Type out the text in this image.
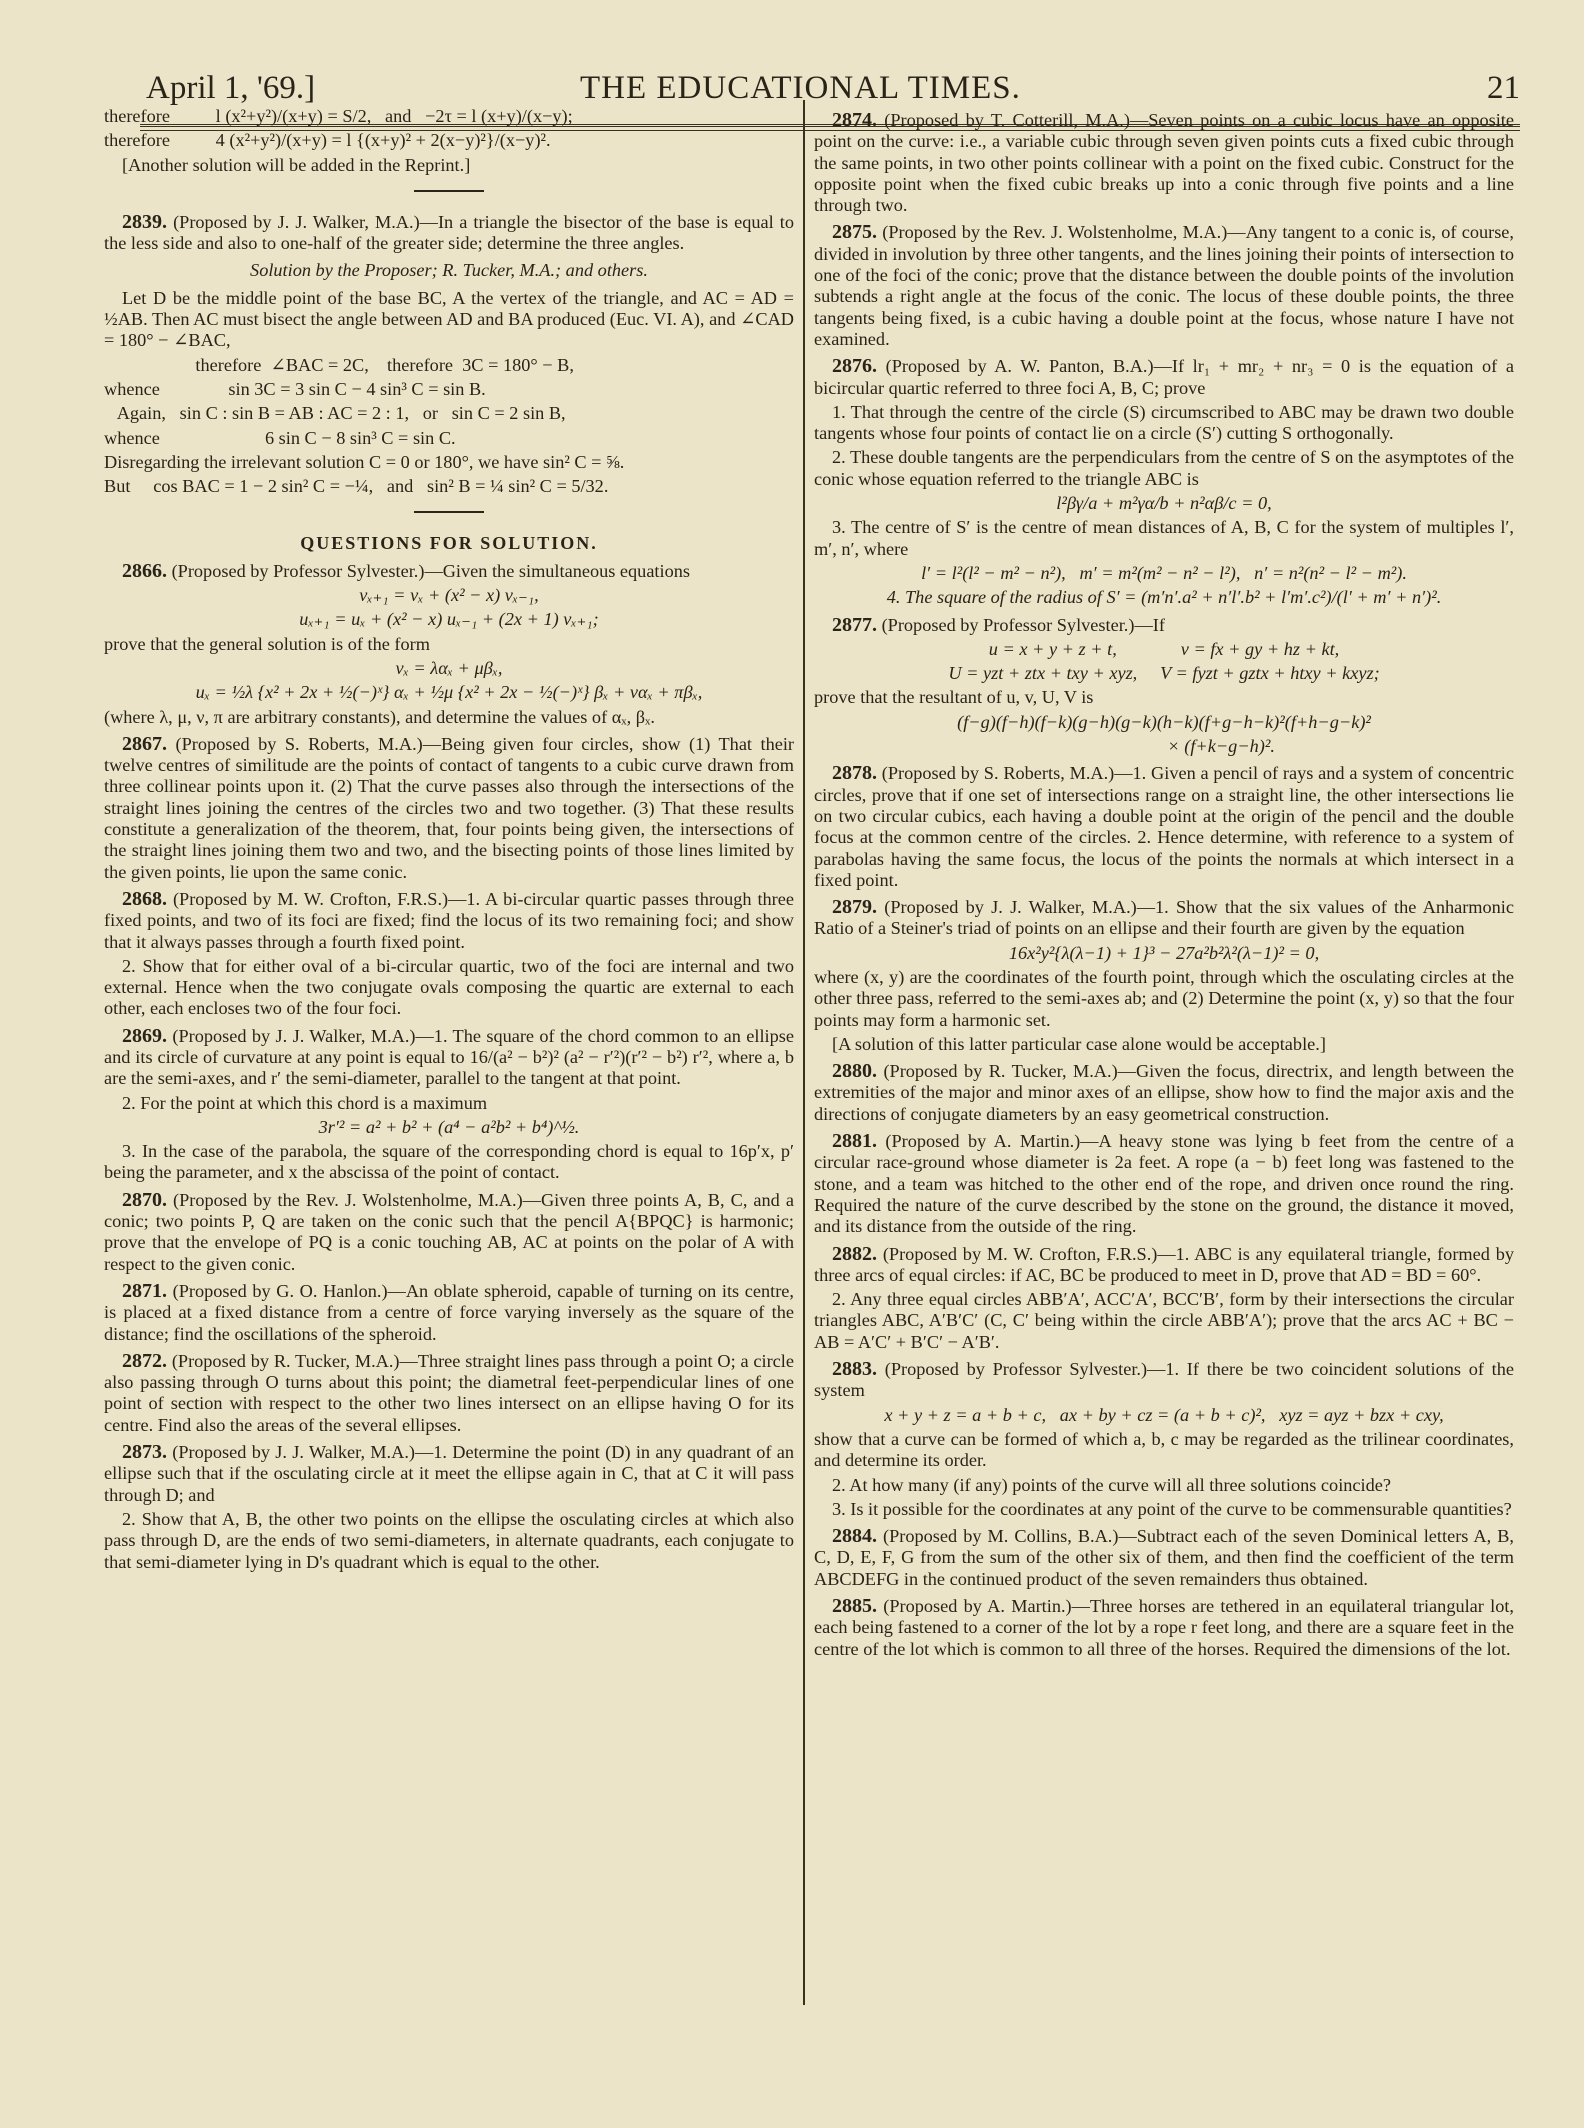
April 1, '69.]	THE EDUCATIONAL TIMES.	21

therefore          l (x²+y²)/(x+y) = S/2,   and   −2τ = l (x+y)/(x−y);

therefore          4 (x²+y²)/(x+y) = l {(x+y)² + 2(x−y)²}/(x−y)².

[Another solution will be added in the Reprint.]

2839. (Proposed by J. J. Walker, M.A.)—In a triangle the bisector of the base is equal to the less side and also to one-half of the greater side; determine the three angles.

Solution by the Proposer; R. Tucker, M.A.; and others.

Let D be the middle point of the base BC, A the vertex of the triangle, and AC = AD = ½AB. Then AC must bisect the angle between AD and BA produced (Euc. VI. A), and ∠CAD = 180° − ∠BAC,

therefore  ∠BAC = 2C,    therefore  3C = 180° − B,

whence               sin 3C = 3 sin C − 4 sin³ C = sin B.

Again,   sin C : sin B = AB : AC = 2 : 1,   or   sin C = 2 sin B,

whence                       6 sin C − 8 sin³ C = sin C.

Disregarding the irrelevant solution C = 0 or 180°, we have sin² C = ⅝.

But     cos BAC = 1 − 2 sin² C = −¼,   and   sin² B = ¼ sin² C = 5/32.

QUESTIONS FOR SOLUTION.

2866. (Proposed by Professor Sylvester.)—Given the simultaneous equations

vₓ₊₁ = vₓ + (x² − x) vₓ₋₁,

uₓ₊₁ = uₓ + (x² − x) uₓ₋₁ + (2x + 1) vₓ₊₁;

prove that the general solution is of the form

vₓ = λαₓ + μβₓ,

uₓ = ½λ {x² + 2x + ½(−)ˣ} αₓ + ½μ {x² + 2x − ½(−)ˣ} βₓ + ναₓ + πβₓ,

(where λ, μ, ν, π are arbitrary constants), and determine the values of αₓ, βₓ.

2867. (Proposed by S. Roberts, M.A.)—Being given four circles, show (1) That their twelve centres of similitude are the points of contact of tangents to a cubic curve drawn from three collinear points upon it. (2) That the curve passes also through the intersections of the straight lines joining the centres of the circles two and two together. (3) That these results constitute a generalization of the theorem, that, four points being given, the intersections of the straight lines joining them two and two, and the bisecting points of those lines limited by the given points, lie upon the same conic.

2868. (Proposed by M. W. Crofton, F.R.S.)—1. A bi-circular quartic passes through three fixed points, and two of its foci are fixed; find the locus of its two remaining foci; and show that it always passes through a fourth fixed point.

2. Show that for either oval of a bi-circular quartic, two of the foci are internal and two external. Hence when the two conjugate ovals composing the quartic are external to each other, each encloses two of the four foci.

2869. (Proposed by J. J. Walker, M.A.)—1. The square of the chord common to an ellipse and its circle of curvature at any point is equal to 16/(a² − b²)² (a² − r′²)(r′² − b²) r′², where a, b are the semi-axes, and r′ the semi-diameter, parallel to the tangent at that point.

2. For the point at which this chord is a maximum

3r′² = a² + b² + (a⁴ − a²b² + b⁴)^½.

3. In the case of the parabola, the square of the corresponding chord is equal to 16p′x, p′ being the parameter, and x the abscissa of the point of contact.

2870. (Proposed by the Rev. J. Wolstenholme, M.A.)—Given three points A, B, C, and a conic; two points P, Q are taken on the conic such that the pencil A{BPQC} is harmonic; prove that the envelope of PQ is a conic touching AB, AC at points on the polar of A with respect to the given conic.

2871. (Proposed by G. O. Hanlon.)—An oblate spheroid, capable of turning on its centre, is placed at a fixed distance from a centre of force varying inversely as the square of the distance; find the oscillations of the spheroid.

2872. (Proposed by R. Tucker, M.A.)—Three straight lines pass through a point O; a circle also passing through O turns about this point; the diametral feet-perpendicular lines of one point of section with respect to the other two lines intersect on an ellipse having O for its centre. Find also the areas of the several ellipses.

2873. (Proposed by J. J. Walker, M.A.)—1. Determine the point (D) in any quadrant of an ellipse such that if the osculating circle at it meet the ellipse again in C, that at C it will pass through D; and

2. Show that A, B, the other two points on the ellipse the osculating circles at which also pass through D, are the ends of two semi-diameters, in alternate quadrants, each conjugate to that semi-diameter lying in D's quadrant which is equal to the other.

2874. (Proposed by T. Cotterill, M.A.)—Seven points on a cubic locus have an opposite point on the curve: i.e., a variable cubic through seven given points cuts a fixed cubic through the same points, in two other points collinear with a point on the fixed cubic. Construct for the opposite point when the fixed cubic breaks up into a conic through five points and a line through two.

2875. (Proposed by the Rev. J. Wolstenholme, M.A.)—Any tangent to a conic is, of course, divided in involution by three other tangents, and the lines joining their points of intersection to one of the foci of the conic; prove that the distance between the double points of the involution subtends a right angle at the focus of the conic. The locus of these double points, the three tangents being fixed, is a cubic having a double point at the focus, whose nature I have not examined.

2876. (Proposed by A. W. Panton, B.A.)—If lr₁ + mr₂ + nr₃ = 0 is the equation of a bicircular quartic referred to three foci A, B, C; prove

1. That through the centre of the circle (S) circumscribed to ABC may be drawn two double tangents whose four points of contact lie on a circle (S′) cutting S orthogonally.

2. These double tangents are the perpendiculars from the centre of S on the asymptotes of the conic whose equation referred to the triangle ABC is

l²βγ/a + m²γα/b + n²αβ/c = 0,

3. The centre of S′ is the centre of mean distances of A, B, C for the system of multiples l′, m′, n′, where

l′ = l²(l² − m² − n²),   m′ = m²(m² − n² − l²),   n′ = n²(n² − l² − m²).

4. The square of the radius of S′ = (m′n′.a² + n′l′.b² + l′m′.c²)/(l′ + m′ + n′)².

2877. (Proposed by Professor Sylvester.)—If

u = x + y + z + t,              v = fx + gy + hz + kt,

U = yzt + ztx + txy + xyz,     V = fyzt + gztx + htxy + kxyz;

prove that the resultant of u, v, U, V is

(f−g)(f−h)(f−k)(g−h)(g−k)(h−k)(f+g−h−k)²(f+h−g−k)²

× (f+k−g−h)².

2878. (Proposed by S. Roberts, M.A.)—1. Given a pencil of rays and a system of concentric circles, prove that if one set of intersections range on a straight line, the other intersections lie on two circular cubics, each having a double point at the origin of the pencil and the double focus at the common centre of the circles. 2. Hence determine, with reference to a system of parabolas having the same focus, the locus of the points the normals at which intersect in a fixed point.

2879. (Proposed by J. J. Walker, M.A.)—1. Show that the six values of the Anharmonic Ratio of a Steiner's triad of points on an ellipse and their fourth are given by the equation

16x²y²{λ(λ−1) + 1}³ − 27a²b²λ²(λ−1)² = 0,

where (x, y) are the coordinates of the fourth point, through which the osculating circles at the other three pass, referred to the semi-axes ab; and (2) Determine the point (x, y) so that the four points may form a harmonic set.

[A solution of this latter particular case alone would be acceptable.]

2880. (Proposed by R. Tucker, M.A.)—Given the focus, directrix, and length between the extremities of the major and minor axes of an ellipse, show how to find the major axis and the directions of conjugate diameters by an easy geometrical construction.

2881. (Proposed by A. Martin.)—A heavy stone was lying b feet from the centre of a circular race-ground whose diameter is 2a feet. A rope (a − b) feet long was fastened to the stone, and a team was hitched to the other end of the rope, and driven once round the ring. Required the nature of the curve described by the stone on the ground, the distance it moved, and its distance from the outside of the ring.

2882. (Proposed by M. W. Crofton, F.R.S.)—1. ABC is any equilateral triangle, formed by three arcs of equal circles: if AC, BC be produced to meet in D, prove that AD = BD = 60°.

2. Any three equal circles ABB′A′, ACC′A′, BCC′B′, form by their intersections the circular triangles ABC, A′B′C′ (C, C′ being within the circle ABB′A′); prove that the arcs AC + BC − AB = A′C′ + B′C′ − A′B′.

2883. (Proposed by Professor Sylvester.)—1. If there be two coincident solutions of the system

x + y + z = a + b + c,   ax + by + cz = (a + b + c)²,   xyz = ayz + bzx + cxy,

show that a curve can be formed of which a, b, c may be regarded as the trilinear coordinates, and determine its order.

2. At how many (if any) points of the curve will all three solutions coincide?

3. Is it possible for the coordinates at any point of the curve to be commensurable quantities?

2884. (Proposed by M. Collins, B.A.)—Subtract each of the seven Dominical letters A, B, C, D, E, F, G from the sum of the other six of them, and then find the coefficient of the term ABCDEFG in the continued product of the seven remainders thus obtained.

2885. (Proposed by A. Martin.)—Three horses are tethered in an equilateral triangular lot, each being fastened to a corner of the lot by a rope r feet long, and there are a square feet in the centre of the lot which is common to all three of the horses. Required the dimensions of the lot.
